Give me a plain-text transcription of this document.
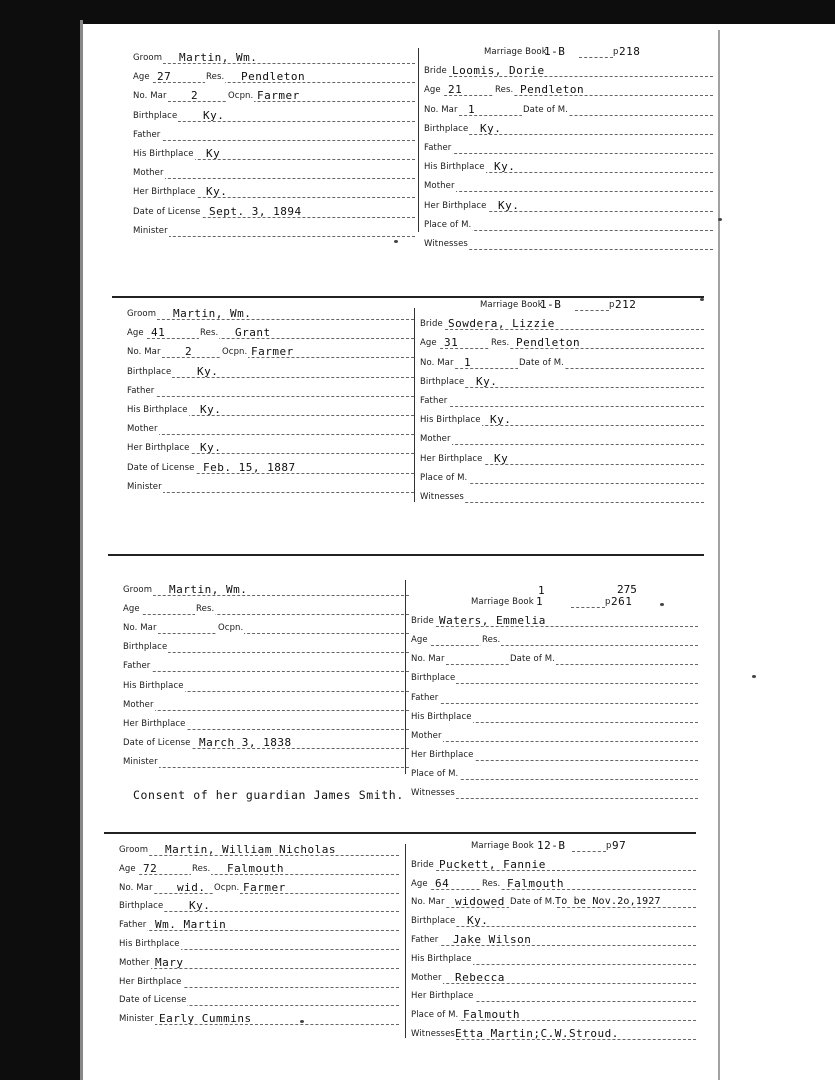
Groom Martin, Wm.
Age 27	Res. Pendleton
No. Mar 2	Ocpn. Farmer
Birthplace Ky.
Father
His Birthplace Ky
Mother
Her Birthplace Ky.
Date of License Sept. 3, 1894
Minister
Marriage Book
1-B	p 218
Bride Loomis, Dorie
Age 21	Res. Pendleton
No. Mar 1	Date of M.
Birthplace Ky.
Father
His Birthplace Ky.
Mother
Her Birthplace Ky.
Place of M.
Witnesses
Groom Martin, Wm.
Age 41	Res. Grant
No. Mar 2	Ocpn. Farmer
Birthplace Ky.
Father
His Birthplace Ky.
Mother
Her Birthplace Ky.
Date of License Feb. 15, 1887
Minister
Marriage Book
1-B	p 212
Bride Sowdera, Lizzie
Age 31	Res. Pendleton
No. Mar 1	Date of M.
Birthplace Ky.
Father
His Birthplace Ky.
Mother
Her Birthplace Ky
Place of M.
Witnesses
Groom Martin, Wm.
Age	Res.
No. Mar	Ocpn.
Birthplace
Father
His Birthplace
Mother
Her Birthplace
Date of License March 3, 1838
Minister
Marriage Book 1	p 261
275
1
Bride Waters, Emmelia
Age	Res.
No. Mar	Date of M.
Birthplace
Father
His Birthplace
Mother
Her Birthplace
Place of M.
Witnesses
Consent of her guardian James Smith.
Groom Martin, William Nicholas
Age 72	Res. Falmouth
No. Mar wid. Ocpn. Farmer
Birthplace Ky.
Father Wm. Martin
His Birthplace
Mother Mary
Her Birthplace
Date of License
Minister Early Cummins
Marriage Book 12-B	p 97
Bride Puckett, Fannie
Age 64	Res. Falmouth
No. Mar widowed Date of M. To be Nov.2o,1927
Birthplace Ky.
Father Jake Wilson
His Birthplace
Mother Rebecca
Her Birthplace
Place of M. Falmouth
Witnesses Etta Martin;C.W.Stroud.
